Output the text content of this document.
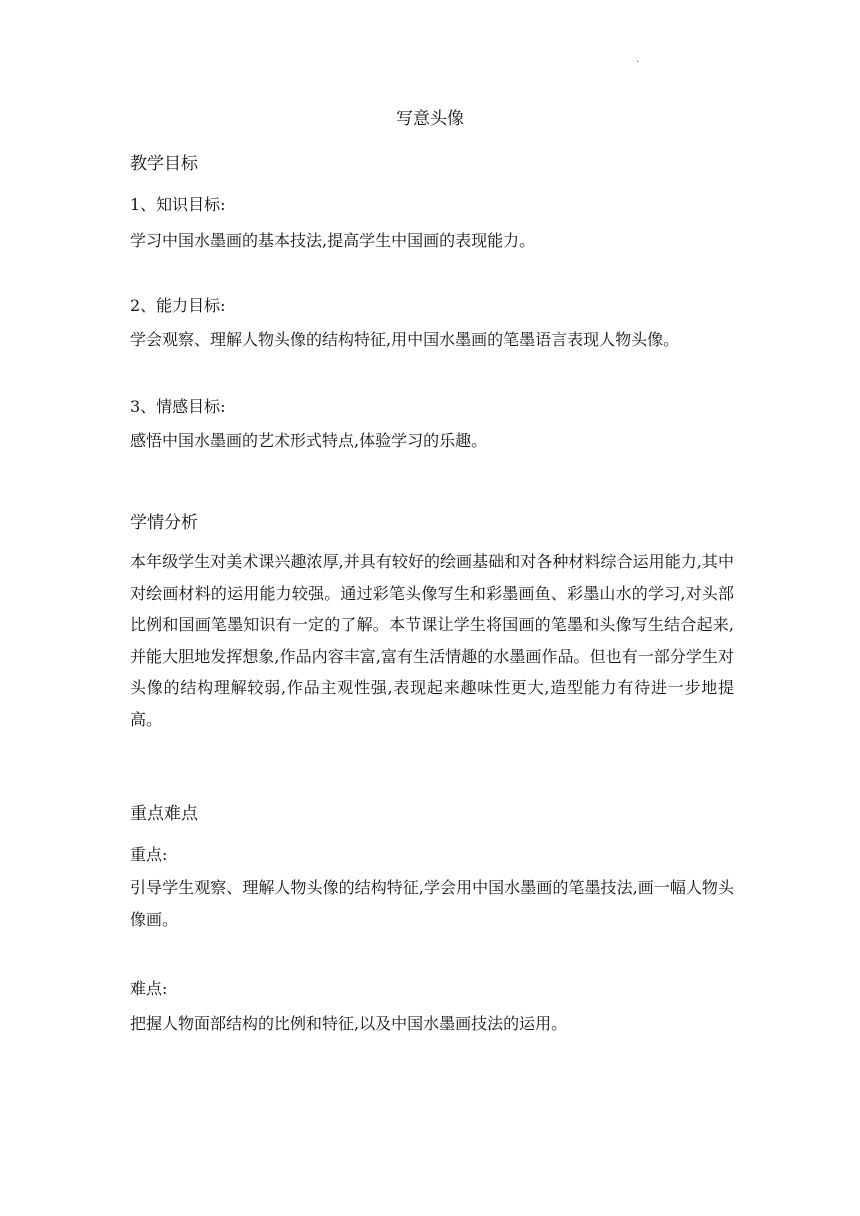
.
写意头像
教学目标
1、知识目标:

学习中国水墨画的基本技法,提高学生中国画的表现能力。

2、能力目标:

学会观察、理解人物头像的结构特征,用中国水墨画的笔墨语言表现人物头像。

3、情感目标:

感悟中国水墨画的艺术形式特点,体验学习的乐趣。

学情分析

本年级学生对美术课兴趣浓厚,并具有较好的绘画基础和对各种材料综合运用能力,其中对绘画材料的运用能力较强。通过彩笔头像写生和彩墨画鱼、彩墨山水的学习,对头部比例和国画笔墨知识有一定的了解。本节课让学生将国画的笔墨和头像写生结合起来, 并能大胆地发挥想象,作品内容丰富,富有生活情趣的水墨画作品。但也有一部分学生对头像的结构理解较弱,作品主观性强,表现起来趣味性更大,造型能力有待进一步地提高。

重点难点
重点:

引导学生观察、理解人物头像的结构特征,学会用中国水墨画的笔墨技法,画一幅人物头像画。

难点:

把握人物面部结构的比例和特征,以及中国水墨画技法的运用。
